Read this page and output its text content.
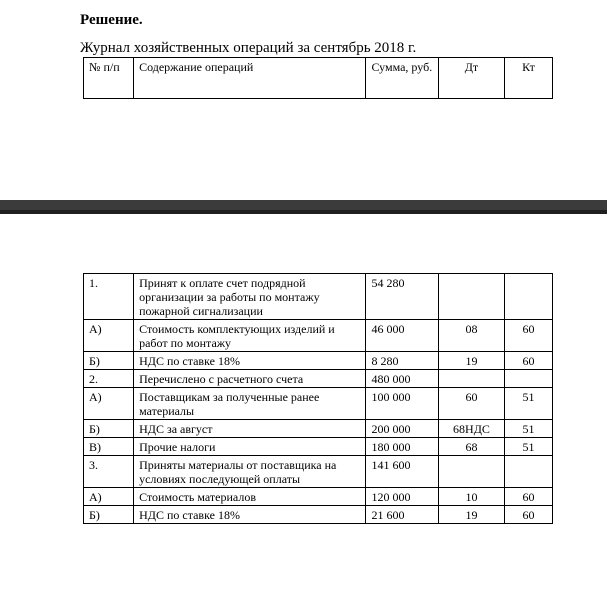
Решение.

Журнал хозяйственных операций за сентябрь 2018 г.

№ п/п	Содержание операций	Сумма, руб.	Дт	Кт
1.	Принят к оплате счет подрядной организации за работы по монтажу пожарной сигнализации	54 280		
А)	Стоимость комплектующих изделий и работ по монтажу	46 000	08	60
Б)	НДС по ставке 18%	8 280	19	60
2.	Перечислено с расчетного счета	480 000		
А)	Поставщикам за полученные ранее материалы	100 000	60	51
Б)	НДС за август	200 000	68НДС	51
В)	Прочие налоги	180 000	68	51
3.	Приняты материалы от поставщика на условиях последующей оплаты	141 600		
А)	Стоимость материалов	120 000	10	60
Б)	НДС по ставке 18%	21 600	19	60
